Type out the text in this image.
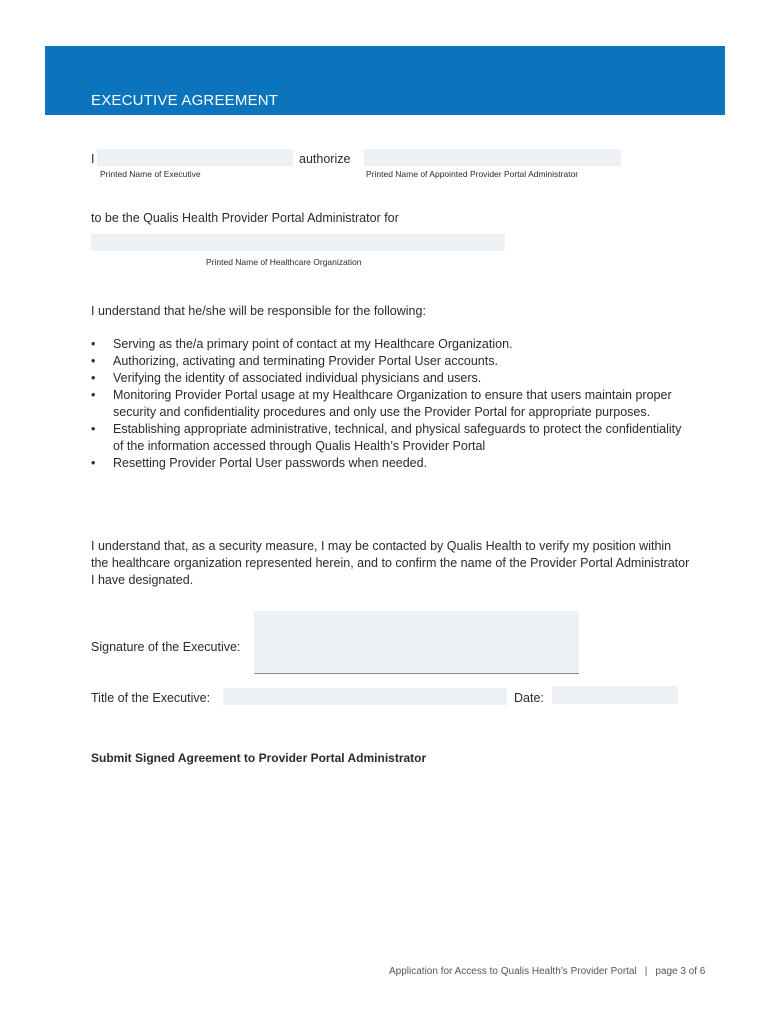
EXECUTIVE AGREEMENT
I	authorize
Printed Name of Executive	Printed Name of Appointed Provider Portal Administrator
to be the Qualis Health Provider Portal Administrator for
Printed Name of Healthcare Organization
I understand that he/she will be responsible for the following:
• Serving as the/a primary point of contact at my Healthcare Organization.
• Authorizing, activating and terminating Provider Portal User accounts.
• Verifying the identity of associated individual physicians and users.
• Monitoring Provider Portal usage at my Healthcare Organization to ensure that users maintain proper security and confidentiality procedures and only use the Provider Portal for appropriate purposes.
• Establishing appropriate administrative, technical, and physical safeguards to protect the confidentiality of the information accessed through Qualis Health’s Provider Portal
• Resetting Provider Portal User passwords when needed.
I understand that, as a security measure, I may be contacted by Qualis Health to verify my position within the healthcare organization represented herein, and to confirm the name of the Provider Portal Administrator I have designated.
Signature of the Executive:
Title of the Executive:	Date:
Submit Signed Agreement to Provider Portal Administrator
Application for Access to Qualis Health’s Provider Portal | page 3 of 6
